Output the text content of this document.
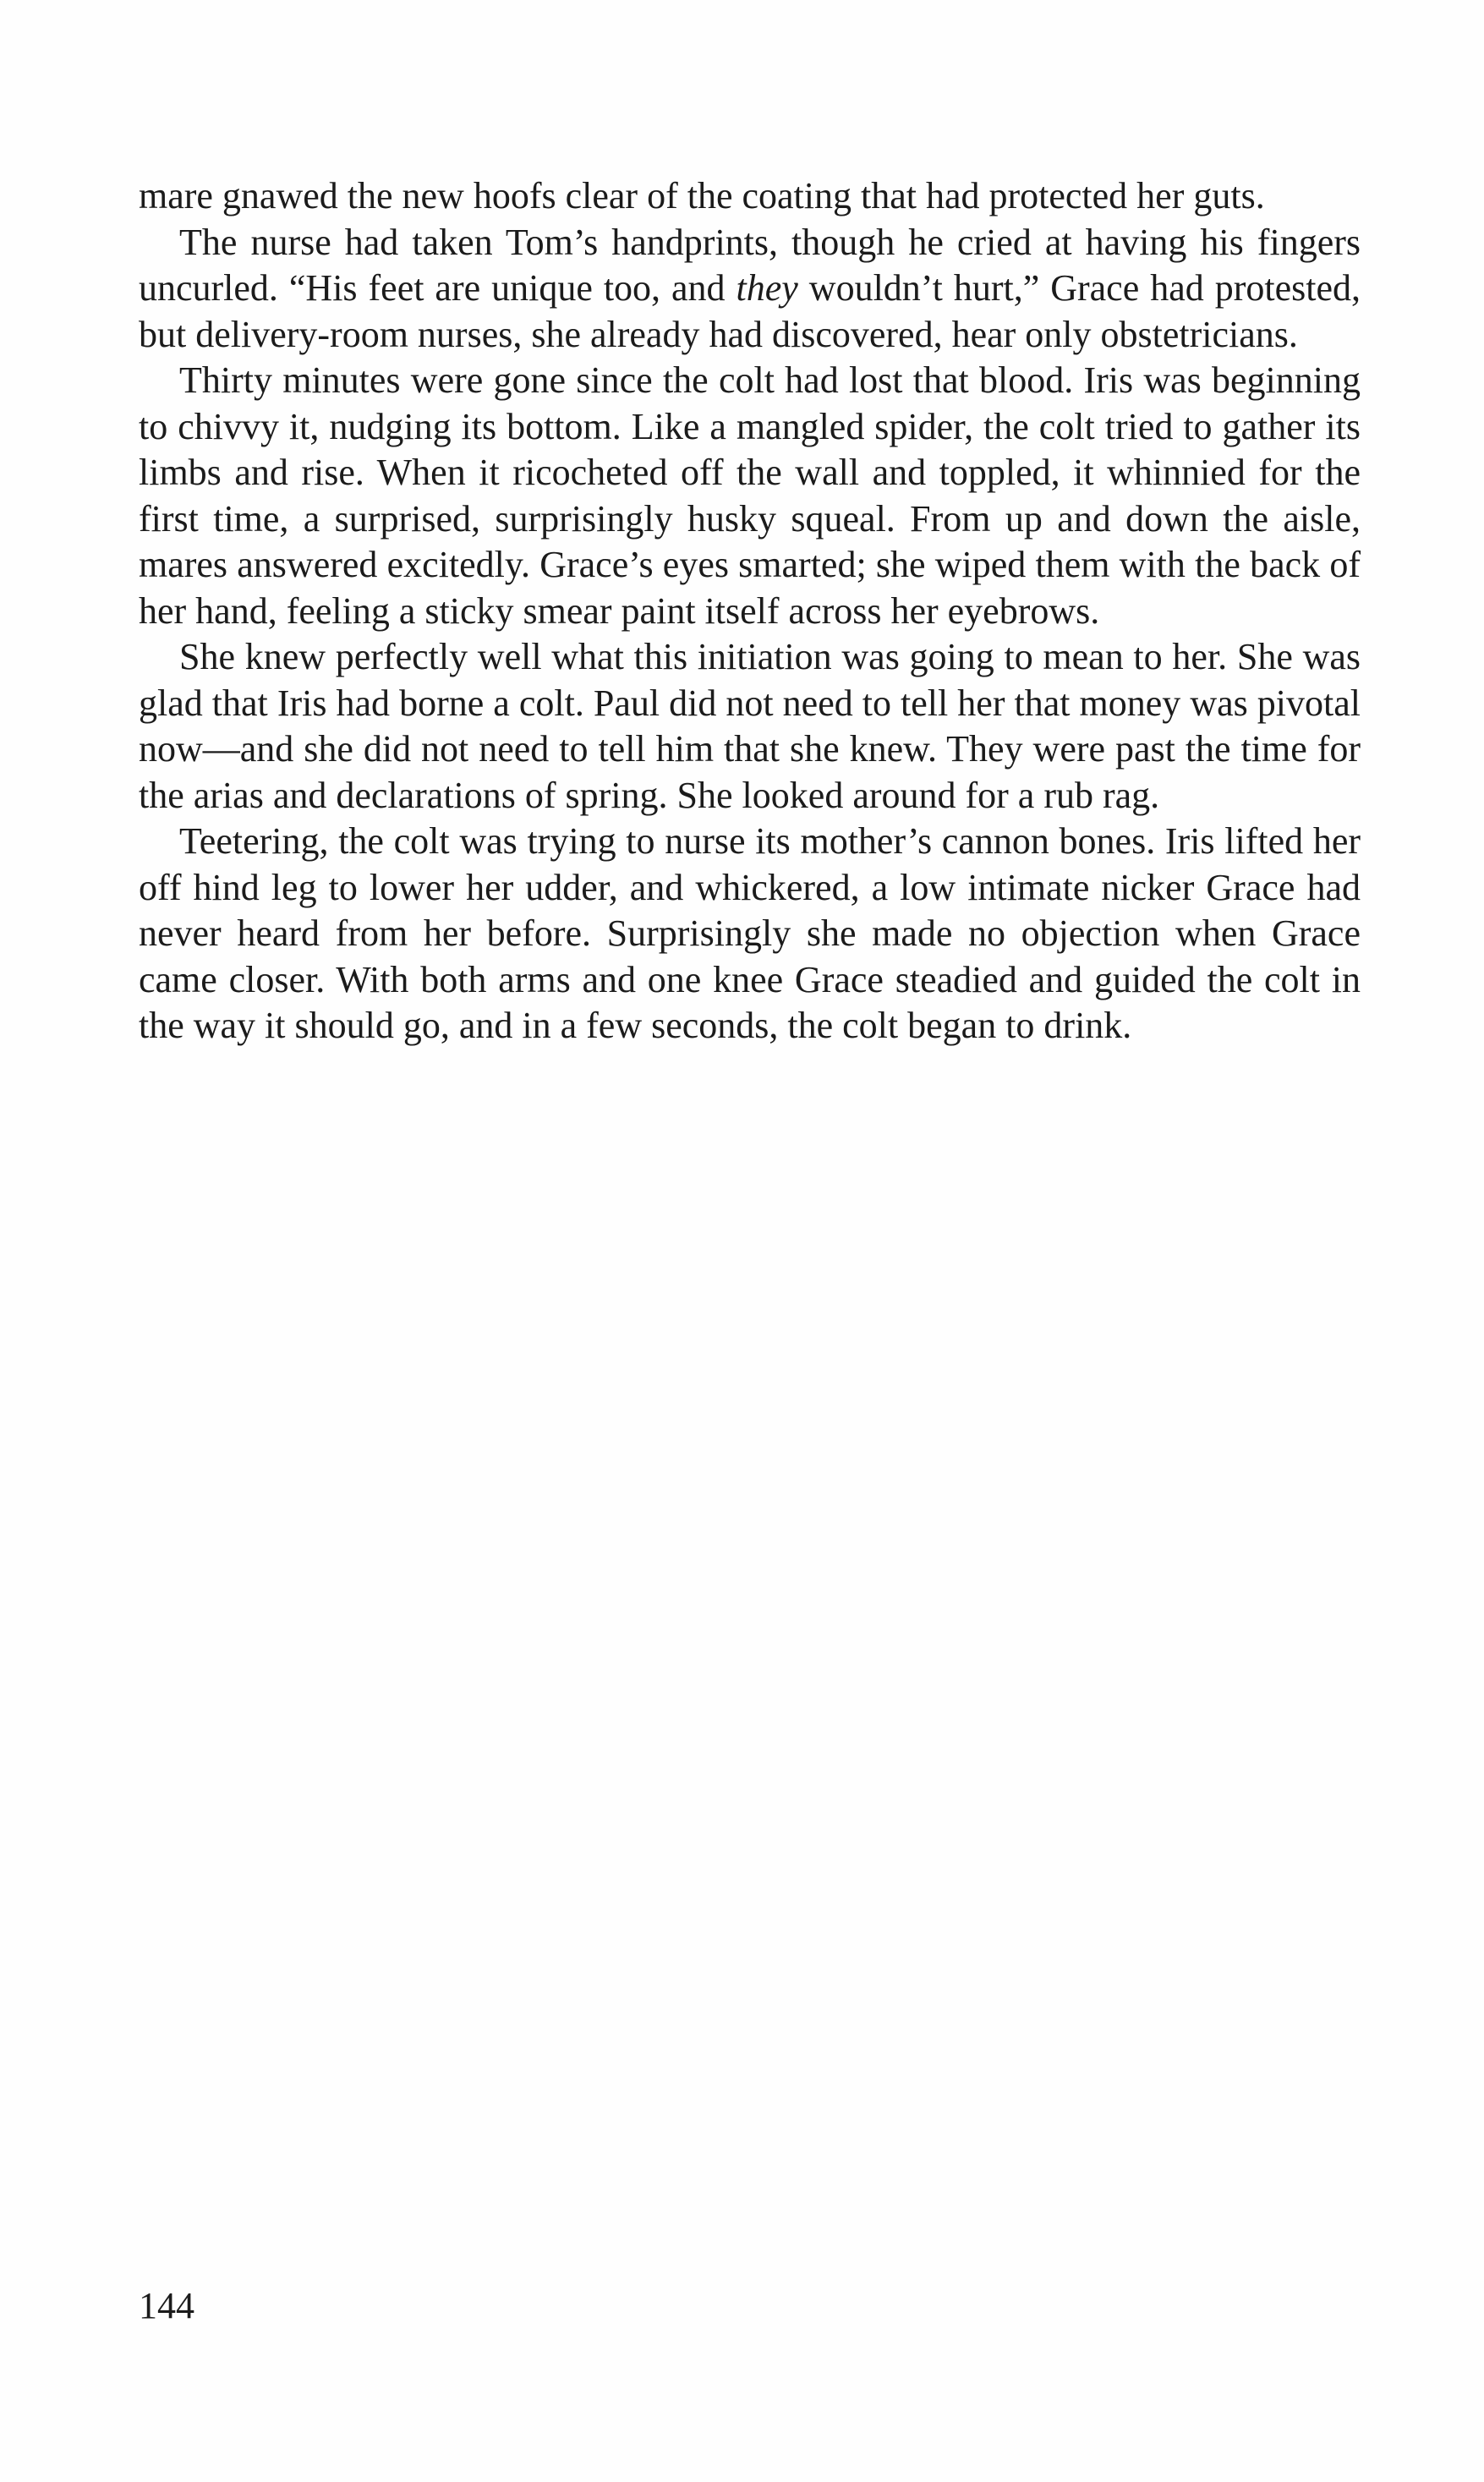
mare gnawed the new hoofs clear of the coating that had protected her guts.

The nurse had taken Tom’s handprints, though he cried at having his fingers uncurled. “His feet are unique too, and they wouldn’t hurt,” Grace had protested, but delivery-room nurses, she already had discovered, hear only obstetricians.

Thirty minutes were gone since the colt had lost that blood. Iris was beginning to chivvy it, nudging its bottom. Like a mangled spider, the colt tried to gather its limbs and rise. When it ricocheted off the wall and toppled, it whinnied for the first time, a surprised, surprisingly husky squeal. From up and down the aisle, mares answered excitedly. Grace’s eyes smarted; she wiped them with the back of her hand, feeling a sticky smear paint itself across her eyebrows.

She knew perfectly well what this initiation was going to mean to her. She was glad that Iris had borne a colt. Paul did not need to tell her that money was pivotal now—and she did not need to tell him that she knew. They were past the time for the arias and declarations of spring. She looked around for a rub rag.

Teetering, the colt was trying to nurse its mother’s cannon bones. Iris lifted her off hind leg to lower her udder, and whickered, a low intimate nicker Grace had never heard from her before. Surprisingly she made no objection when Grace came closer. With both arms and one knee Grace steadied and guided the colt in the way it should go, and in a few seconds, the colt began to drink.

144
